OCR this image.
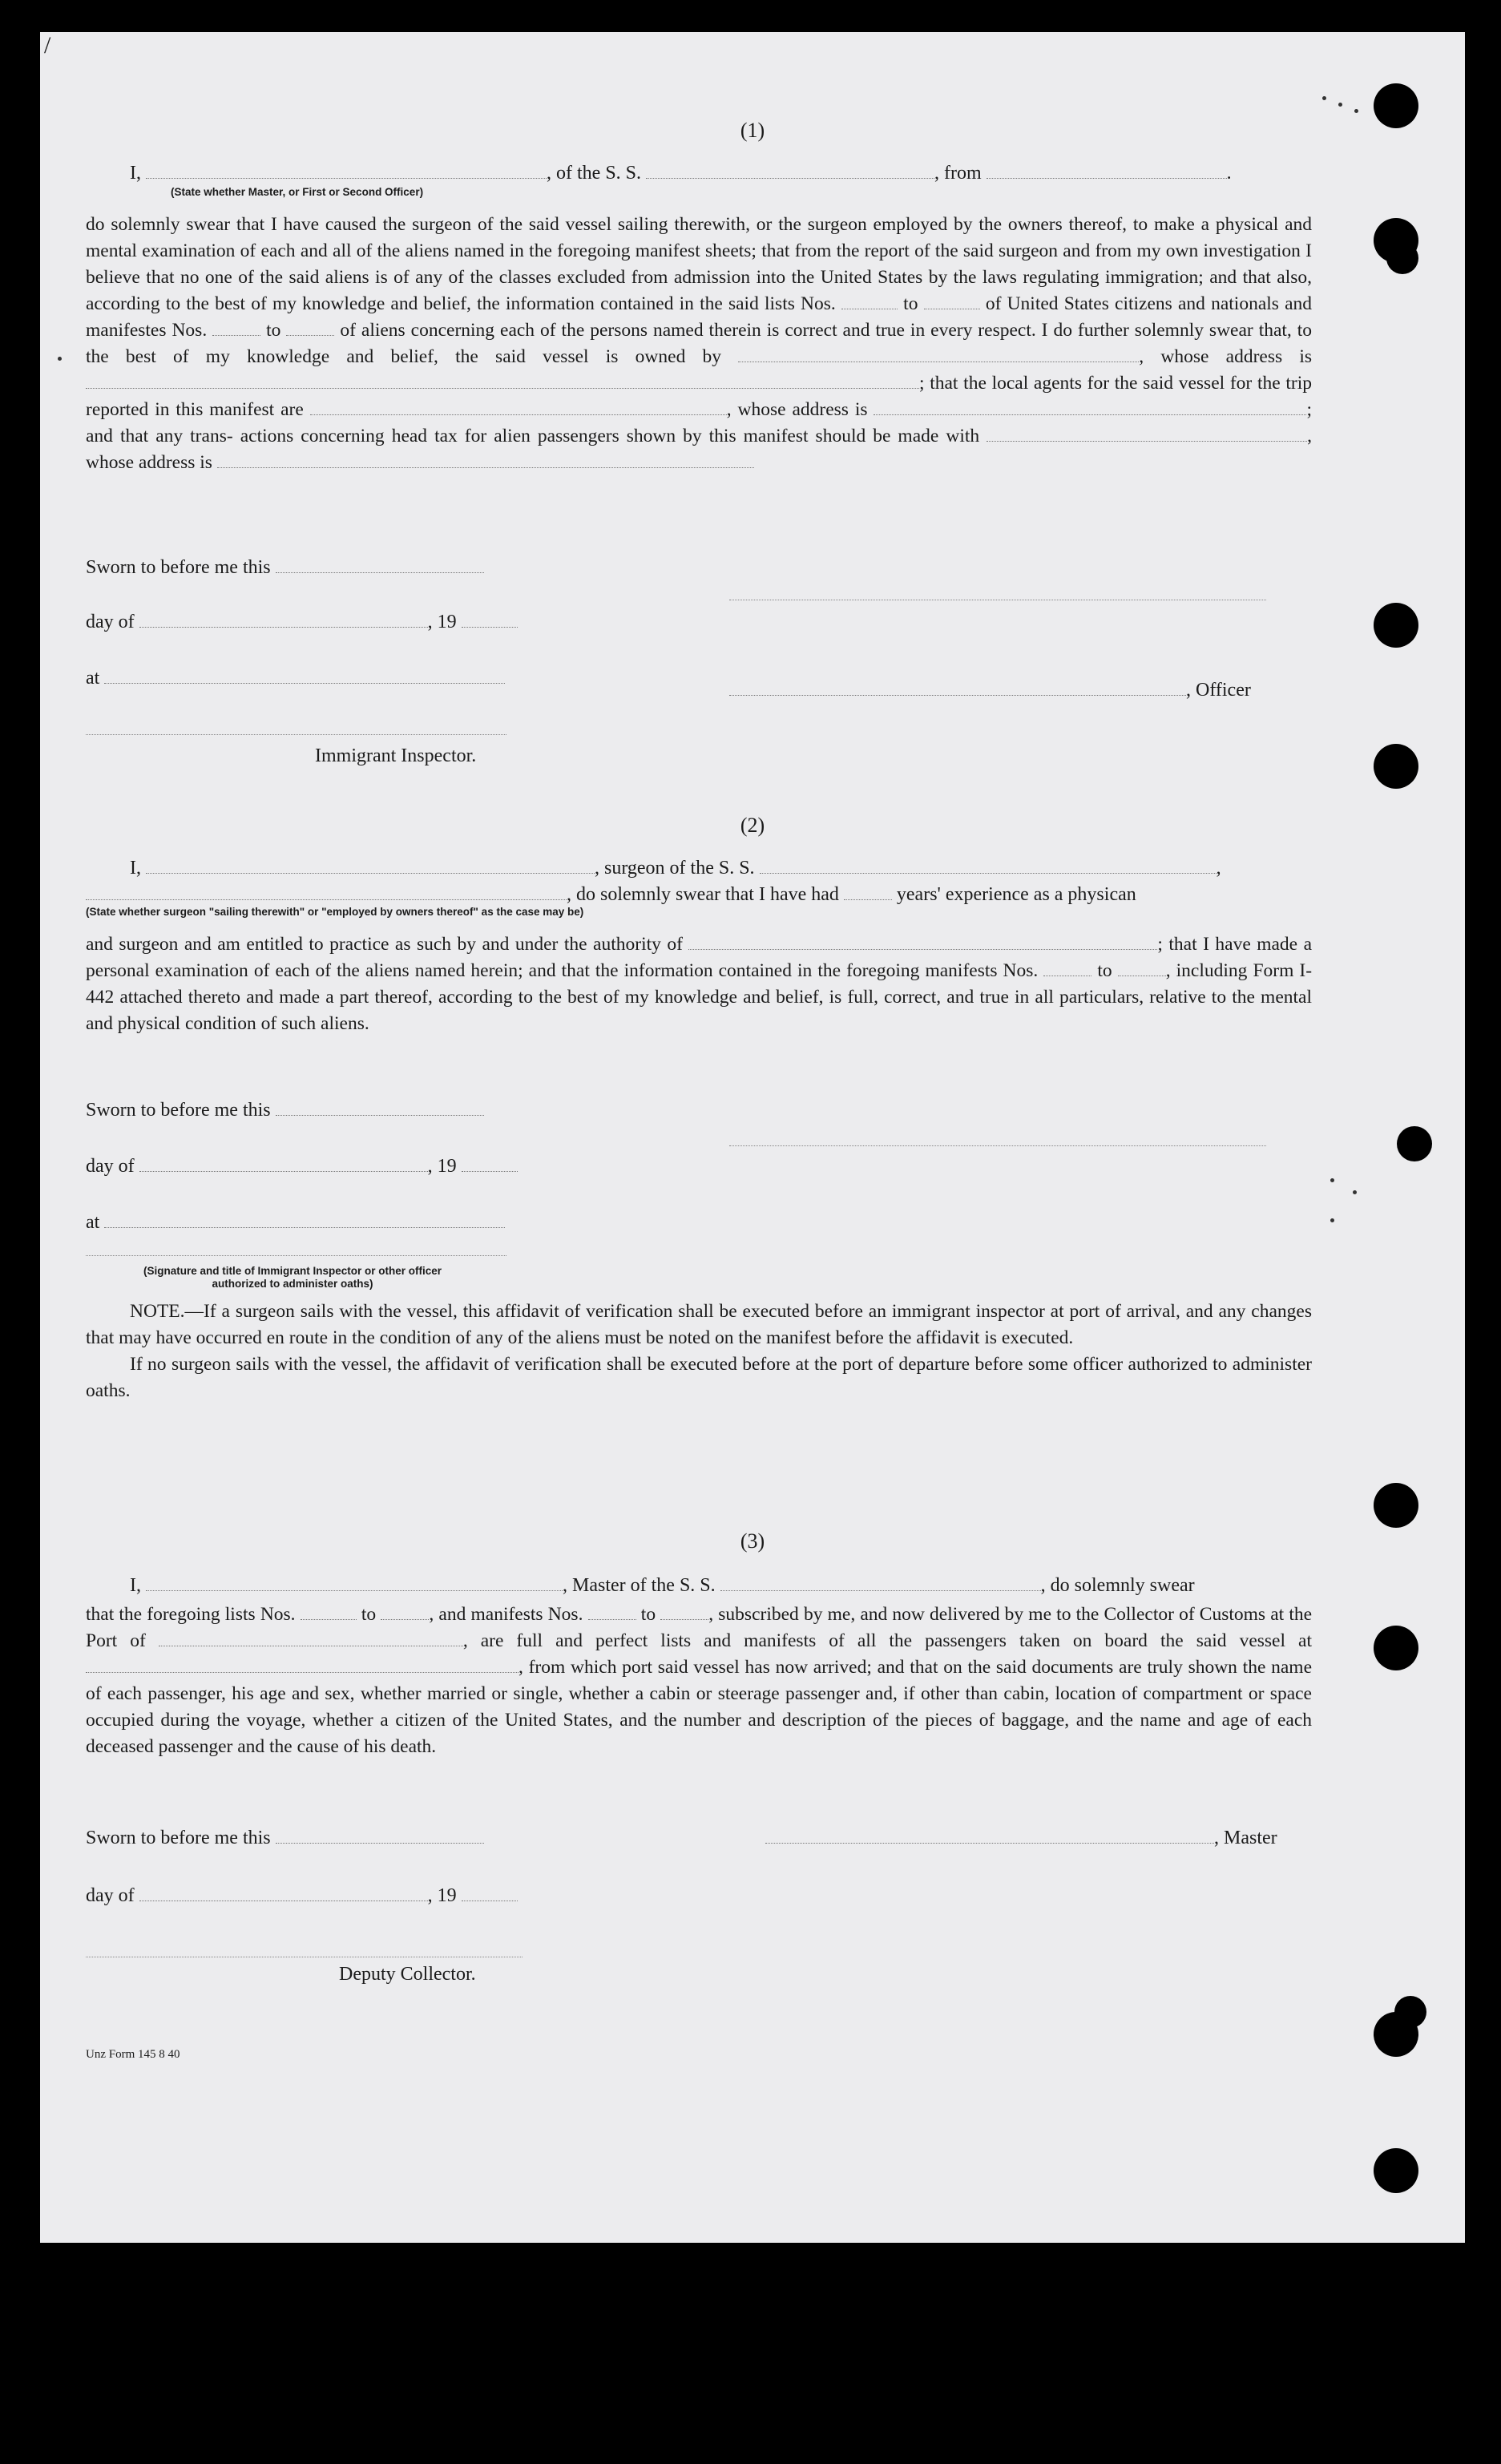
(1)
I,	, of the S. S.	, from	.
(State whether Master, or First or Second Officer)
do solemnly swear that I have caused the surgeon of the said vessel sailing therewith, or the surgeon employed by the owners thereof, to make a physical and mental examination of each and all of the aliens named in the foregoing manifest sheets; that from the report of the said surgeon and from my own investigation I believe that no one of the said aliens is of any of the classes excluded from admission into the United States by the laws regulating immigration; and that also, according to the best of my knowledge and belief, the information contained in the said lists Nos.	to	of United States citizens and nationals and manifestes Nos.	to	of aliens concerning each of the persons named therein is correct and true in every respect. I do further solemnly swear that, to the best of my knowledge and belief, the said vessel is owned by	, whose address is ; that the local agents for the said vessel for the trip reported in this manifest are	, whose address is	; and that any trans- actions concerning head tax for alien passengers shown by this manifest should be made with	, whose address is
Sworn to before me this
day of	, 19
at
, Officer
Immigrant Inspector.
(2)
I,	, surgeon of the S. S.	,
, do solemnly swear that I have had	years' experience as a physican
(State whether surgeon "sailing therewith" or "employed by owners thereof" as the case may be)
and surgeon and am entitled to practice as such by and under the authority of	; that I have made a personal examination of each of the aliens named herein; and that the information contained in the foregoing manifests Nos.	to	, including Form I-442 attached thereto and made a part thereof, according to the best of my knowledge and belief, is full, correct, and true in all particulars, relative to the mental and physical condition of such aliens.
Sworn to before me this
day of	, 19
at
(Signature and title of Immigrant Inspector or other officer authorized to administer oaths)

NOTE.—If a surgeon sails with the vessel, this affidavit of verification shall be executed before an immigrant inspector at port of arrival, and any changes that may have occurred en route in the condition of any of the aliens must be noted on the manifest before the affidavit is executed.

If no surgeon sails with the vessel, the affidavit of verification shall be executed before at the port of departure before some officer authorized to administer oaths.

(3)
I,	, Master of the S. S.	, do solemnly swear
that the foregoing lists Nos.	to	, and manifests Nos.	to	, subscribed by me, and now delivered by me to the Collector of Customs at the Port of	, are full and perfect lists and manifests of all the passengers taken on board the said vessel at , from which port said vessel has now arrived; and that on the said documents are truly shown the name of each passenger, his age and sex, whether married or single, whether a cabin or steerage passenger and, if other than cabin, location of compartment or space occupied during the voyage, whether a citizen of the United States, and the number and description of the pieces of baggage, and the name and age of each deceased passenger and the cause of his death.
Sworn to before me this	, Master
day of	, 19
Deputy Collector.
Unz Form 145 8 40
/
